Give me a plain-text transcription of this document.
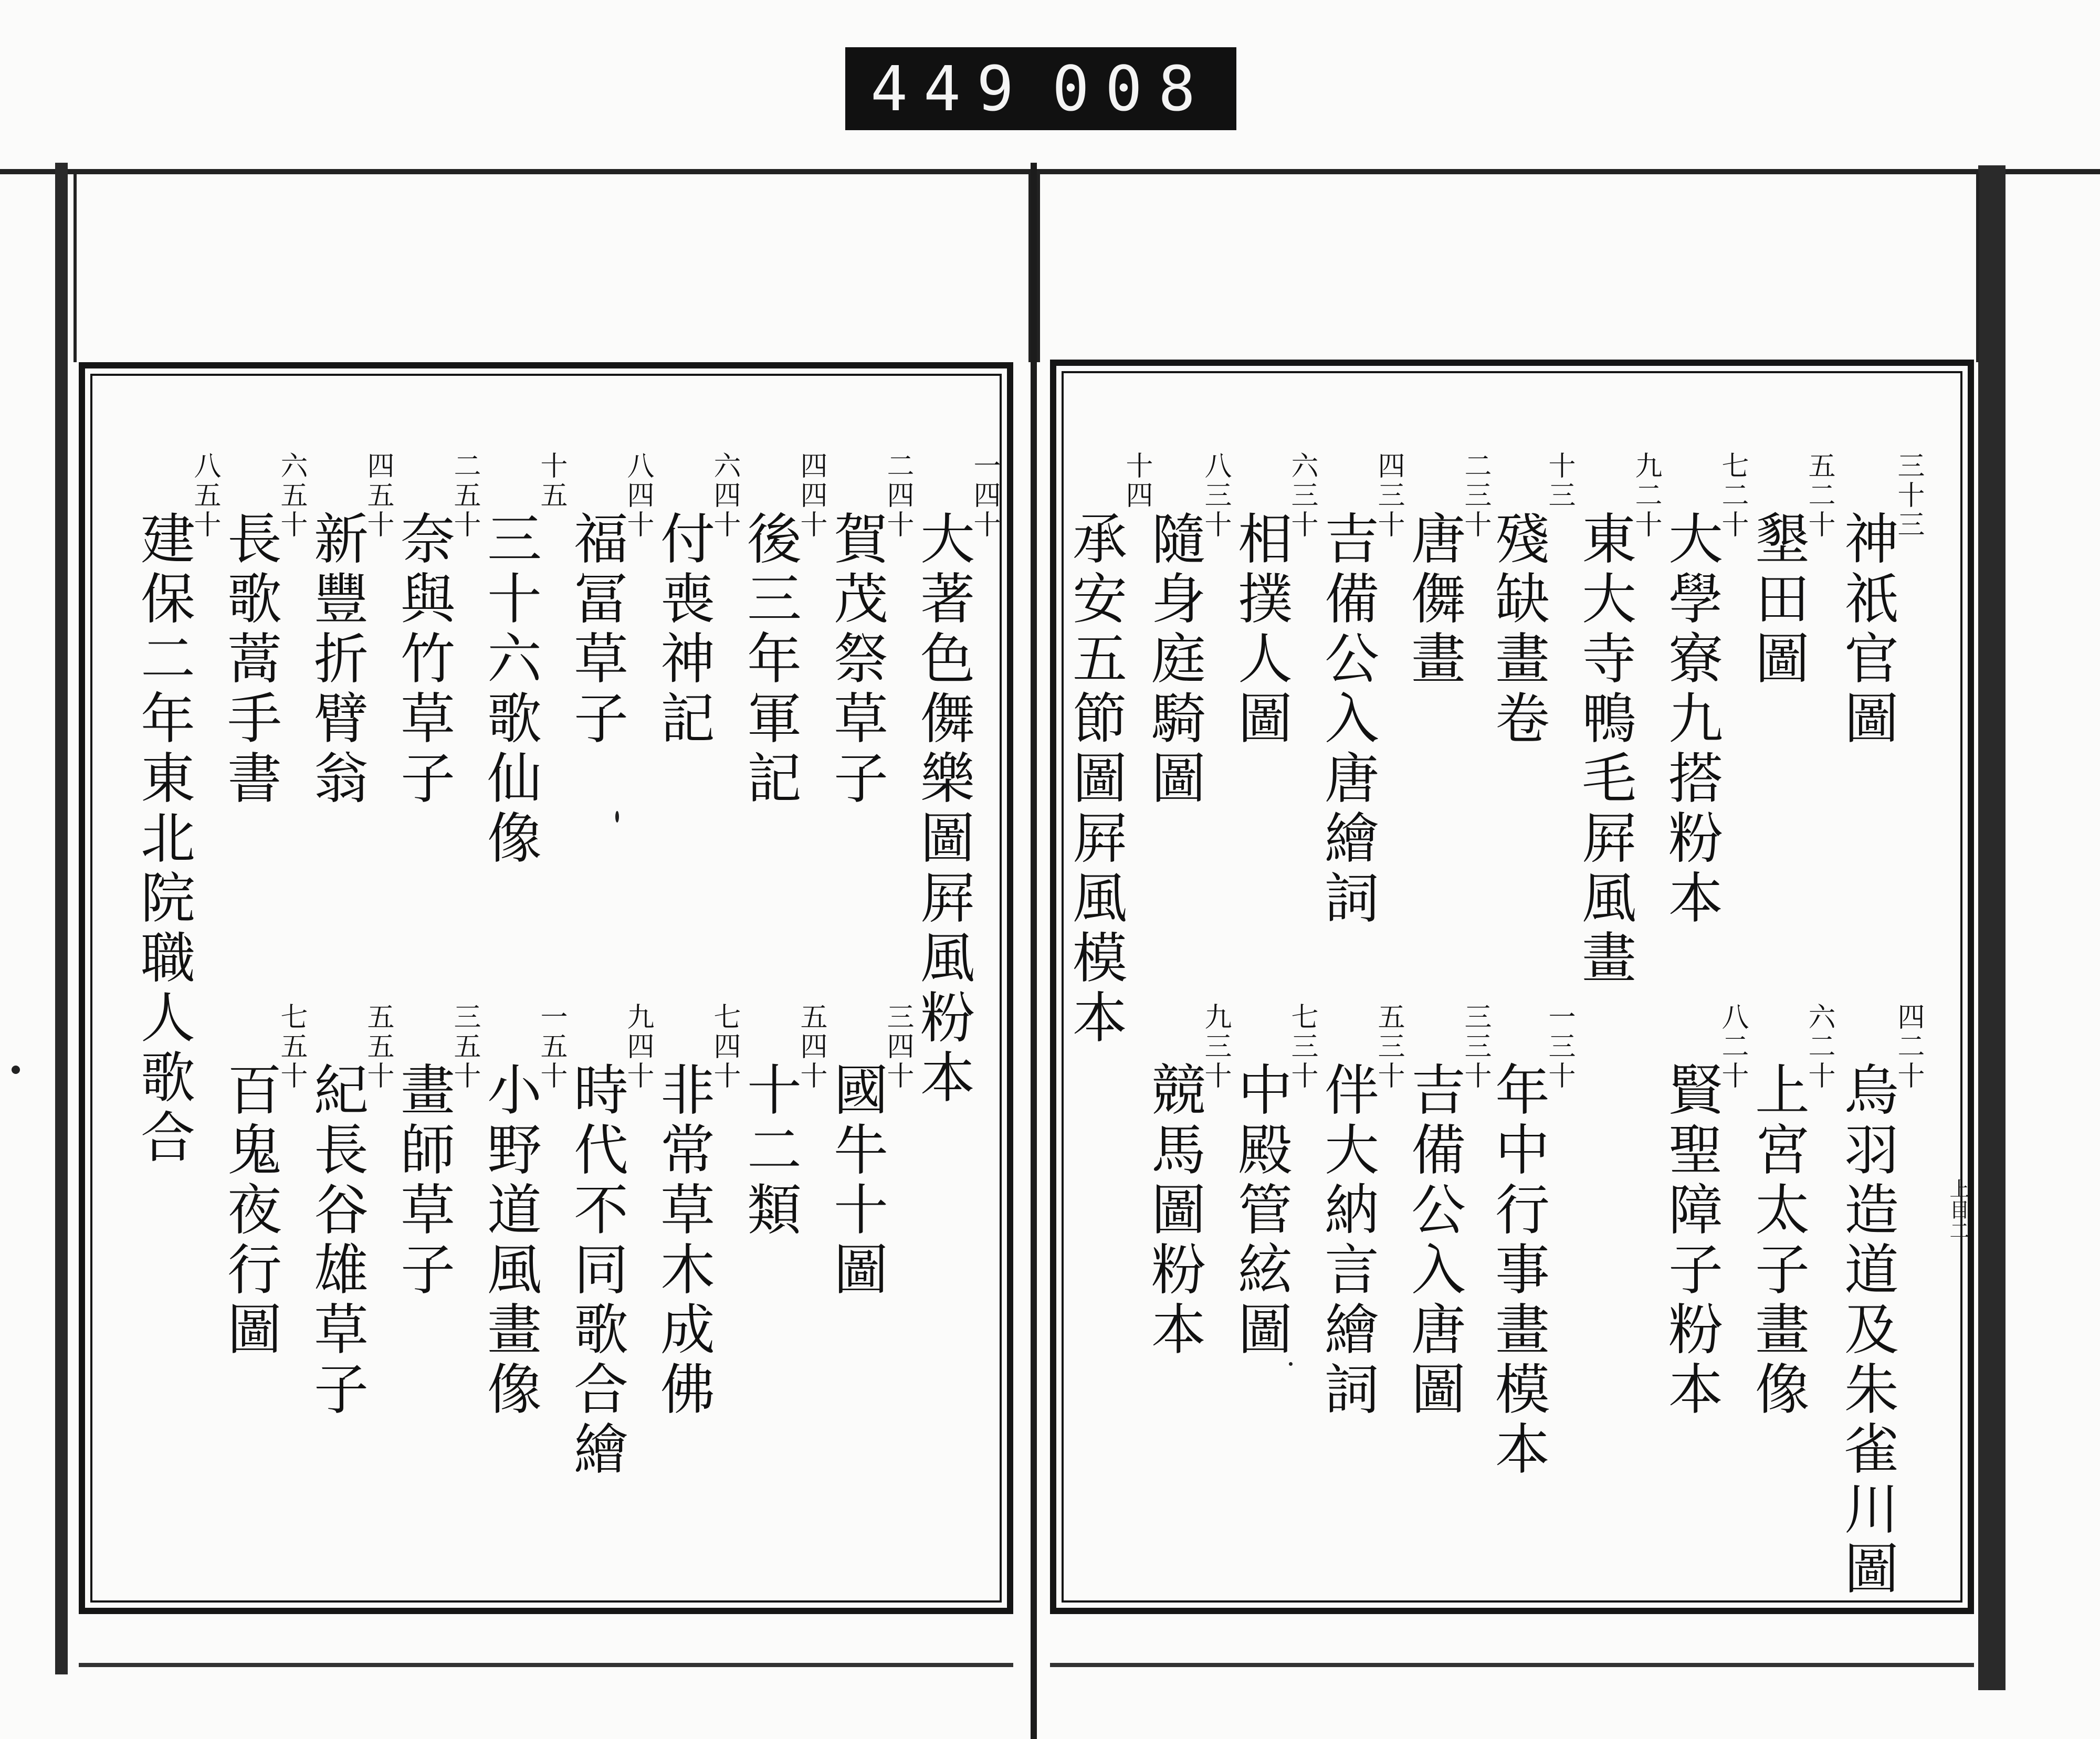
449 008
神祇官圖
三十三
墾田圖
五二十
大學寮九搭粉本
七二十
東大寺鴨毛屛風畫
九二十
殘缺畫卷
十三
唐儛畫
二三十
吉備公入唐繪詞
四三十
相撲人圖
六三十
隨身庭騎圖
八三十
承安五節圖屛風模本
十四
烏羽造道及朱雀川圖
四二十
上宮太子畫像
六二十
賢聖障子粉本
八二十
年中行事畫模本
一三十
吉備公入唐圖
三三十
伴大納言繪詞
五三十
中殿管絃圖
七三十
競馬圖粉本
九三十
大著色儛樂圖屛風粉本
一四十
賀茂祭草子
二四十
後三年軍記
四四十
付喪神記
六四十
福冨草子
八四十
三十六歌仙像
十五
奈與竹草子
二五十
新豐折臂翁
四五十
長歌蒿手書
六五十
建保二年東北院職人歌合
八五十
國牛十圖
三四十
十二類
五四十
非常草木成佛
七四十
時代不同歌合繪
九四十
小野道風畫像
一五十
畫師草子
三五十
紀長谷雄草子
五五十
百鬼夜行圖
七五十
上目二
